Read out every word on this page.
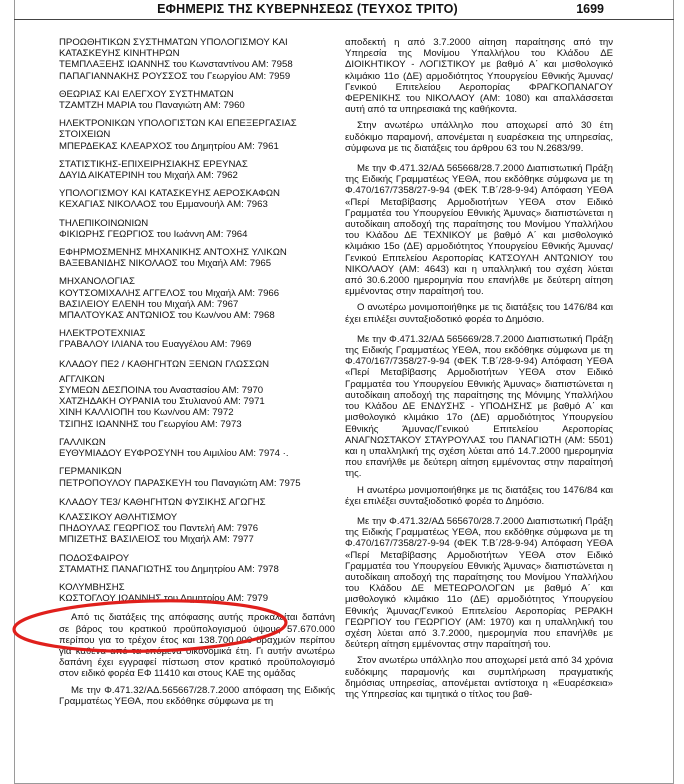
ΕΦΗΜΕΡΙΣ ΤΗΣ ΚΥΒΕΡΝΗΣΕΩΣ (ΤΕΥΧΟΣ ΤΡΙΤΟ)	1699
ΠΡΟΩΘΗΤΙΚΩΝ ΣΥΣΤΗΜΑΤΩΝ ΥΠΟΛΟΓΙΣΜΟΥ ΚΑΙ ΚΑΤΑΣΚΕΥΗΣ ΚΙΝΗΤΗΡΩΝ
ΤΕΜΠΛΑΞΕΗΣ ΙΩΑΝΝΗΣ του Κωνσταντίνου ΑΜ: 7958
ΠΑΠΑΓΙΑΝΝΑΚΗΣ ΡΟΥΣΣΟΣ του Γεωργίου ΑΜ: 7959
ΘΕΩΡΙΑΣ ΚΑΙ ΕΛΕΓΧΟΥ ΣΥΣΤΗΜΑΤΩΝ
ΤΖΑΜΤΖΗ ΜΑΡΙΑ του Παναγιώτη ΑΜ: 7960
ΗΛΕΚΤΡΟΝΙΚΩΝ ΥΠΟΛΟΓΙΣΤΩΝ ΚΑΙ ΕΠΕΞΕΡΓΑΣΙΑΣ ΣΤΟΙΧΕΙΩΝ
ΜΠΕΡΔΕΚΑΣ ΚΛΕΑΡΧΟΣ του Δημητρίου ΑΜ: 7961
ΣΤΑΤΙΣΤΙΚΗΣ-ΕΠΙΧΕΙΡΗΣΙΑΚΗΣ ΕΡΕΥΝΑΣ
ΔΑΥΙΔ ΑΙΚΑΤΕΡΙΝΗ του Μιχαήλ ΑΜ: 7962
ΥΠΟΛΟΓΙΣΜΟΥ ΚΑΙ ΚΑΤΑΣΚΕΥΗΣ ΑΕΡΟΣΚΑΦΩΝ
ΚΕΧΑΓΙΑΣ ΝΙΚΟΛΑΟΣ του Εμμανουήλ ΑΜ: 7963
ΤΗΛΕΠΙΚΟΙΝΩΝΙΩΝ
ΦΙΚΙΩΡΗΣ ΓΕΩΡΓΙΟΣ του Ιωάννη ΑΜ: 7964
ΕΦΗΡΜΟΣΜΕΝΗΣ ΜΗΧΑΝΙΚΗΣ ΑΝΤΟΧΗΣ ΥΛΙΚΩΝ
ΒΑΞΕΒΑΝΙΔΗΣ ΝΙΚΟΛΑΟΣ του Μιχαήλ ΑΜ: 7965
ΜΗΧΑΝΟΛΟΓΙΑΣ
ΚΟΥΤΣΟΜΙΧΑΛΗΣ ΑΓΓΕΛΟΣ του Μιχαήλ ΑΜ: 7966
ΒΑΣΙΛΕΙΟΥ ΕΛΕΝΗ του Μιχαήλ ΑΜ: 7967
ΜΠΑΛΤΟΥΚΑΣ ΑΝΤΩΝΙΟΣ του Κων/νου ΑΜ: 7968
ΗΛΕΚΤΡΟΤΕΧΝΙΑΣ
ΓΡΑΒΑΛΟΥ ΙΛΙΑΝΑ του Ευαγγέλου ΑΜ: 7969
ΚΛΑΔΟΥ ΠΕ2 / ΚΑΘΗΓΗΤΩΝ ΞΕΝΩΝ ΓΛΩΣΣΩΝ
ΑΓΓΛΙΚΩΝ
ΣΥΜΕΩΝ ΔΕΣΠΟΙΝΑ του Αναστασίου ΑΜ: 7970
ΧΑΤΖΗΔΑΚΗ ΟΥΡΑΝΙΑ του Στυλιανού ΑΜ: 7971
ΧΙΝΗ ΚΑΛΛΙΟΠΗ του Κων/νου ΑΜ: 7972
ΤΣΙΠΗΣ ΙΩΑΝΝΗΣ του Γεωργίου ΑΜ: 7973
ΓΑΛΛΙΚΩΝ
ΕΥΘΥΜΙΑΔΟΥ ΕΥΦΡΟΣΥΝΗ του Αιμιλίου ΑΜ: 7974 ·.
ΓΕΡΜΑΝΙΚΩΝ
ΠΕΤΡΟΠΟΥΛΟΥ ΠΑΡΑΣΚΕΥΗ του Παναγιώτη ΑΜ: 7975
ΚΛΑΔΟΥ ΤΕ3/ ΚΑΘΗΓΗΤΩΝ ΦΥΣΙΚΗΣ ΑΓΩΓΗΣ
ΚΛΑΣΣΙΚΟΥ ΑΘΛΗΤΙΣΜΟΥ
ΠΗΔΟΥΛΑΣ ΓΕΩΡΓΙΟΣ του Παντελή ΑΜ: 7976
ΜΠΙΖΕΤΗΣ ΒΑΣΙΛΕΙΟΣ του Μιχαήλ ΑΜ: 7977
ΠΟΔΟΣΦΑΙΡΟΥ
ΣΤΑΜΑΤΗΣ ΠΑΝΑΓΙΩΤΗΣ του Δημητρίου ΑΜ: 7978
ΚΟΛΥΜΒΗΣΗΣ
ΚΩΣΤΟΓΛΟΥ ΙΩΑΝΝΗΣ του Δημητρίου ΑΜ: 7979

Από τις διατάξεις της απόφασης αυτής προκαλείται δαπάνη σε βάρος του κρατικού προϋπολογισμού ύψους 57.670.000 περίπου για το τρέχον έτος και 138.700.000 δραχμών περίπου για καθένα από τα επόμενα οικονομικά έτη. Γι αυτήν ανωτέρω δαπάνη έχει εγγραφεί πίστωση στον κρατικό προϋπολογισμό στον ειδικό φορέα ΕΦ 11410 και στους ΚΑΕ της ομάδας

Με την Φ.471.32/ΑΔ.565667/28.7.2000 απόφαση της Ειδικής Γραμματέως ΥΕΘΑ, που εκδόθηκε σύμφωνα με τη

αποδεκτή η από 3.7.2000 αίτηση παραίτησης από την Υπηρεσία της Μονίμου Υπαλλήλου του Κλάδου ΔΕ ΔΙΟΙΚΗΤΙΚΟΥ - ΛΟΓΙΣΤΙΚΟΥ με βαθμό Α΄ και μισθολογικό κλιμάκιο 11ο (ΔΕ) αρμοδιότητος Υπουργείου Εθνικής Άμυνας/Γενικού Επιτελείου Αεροπορίας ΦΡΑΓΚΟΠΑΝΑΓΟΥ ΦΕΡΕΝΙΚΗΣ του ΝΙΚΟΛΑΟΥ (ΑΜ: 1080) και απαλλάσσεται αυτή από τα υπηρεσιακά της καθήκοντα.

Στην ανωτέρω υπάλληλο που αποχωρεί από 30 έτη ευδόκιμο παραμονή, απονέμεται η ευαρέσκεια της υπηρεσίας, σύμφωνα με τις διατάξεις του άρθρου 63 του Ν.2683/99.

Με την Φ.471.32/ΑΔ 565668/28.7.2000 Διαπιστωτική Πράξη της Ειδικής Γραμματέως ΥΕΘΑ, που εκδόθηκε σύμφωνα με τη Φ.470/167/7358/27-9-94 (ΦΕΚ Τ.Β΄/28-9-94) Απόφαση ΥΕΘΑ «Περί Μεταβίβασης Αρμοδιοτήτων ΥΕΘΑ στον Ειδικό Γραμματέα του Υπουργείου Εθνικής Άμυνας» διαπιστώνεται η αυτοδίκαιη αποδοχή της παραίτησης του Μονίμου Υπαλλήλου του Κλάδου ΔΕ ΤΕΧΝΙΚΟΥ με βαθμό Α΄ και μισθολογικό κλιμάκιο 15ο (ΔΕ) αρμοδιότητος Υπουργείου Εθνικής Άμυνας/Γενικού Επιτελείου Αεροπορίας ΚΑΤΣΟΥΛΗ ΑΝΤΩΝΙΟΥ του ΝΙΚΟΛΑΟΥ (ΑΜ: 4643) και η υπαλληλική του σχέση λύεται από 30.6.2000 ημερομηνία που επανήλθε με δεύτερη αίτηση εμμένοντας στην παραίτησή του.

Ο ανωτέρω μονιμοποιήθηκε με τις διατάξεις του 1476/84 και έχει επιλέξει συνταξιοδοτικό φορέα το Δημόσιο.

Με την Φ.471.32/ΑΔ 565669/28.7.2000 Διαπιστωτική Πράξη της Ειδικής Γραμματέως ΥΕΘΑ, που εκδόθηκε σύμφωνα με τη Φ.470/167/7358/27-9-94 (ΦΕΚ Τ.Β΄/28-9-94) Απόφαση ΥΕΘΑ «Περί Μεταβίβασης Αρμοδιοτήτων ΥΕΘΑ στον Ειδικό Γραμματέα του Υπουργείου Εθνικής Άμυνας» διαπιστώνεται η αυτοδίκαιη αποδοχή της παραίτησης της Μόνιμης Υπαλλήλου του Κλάδου ΔΕ ΕΝΔΥΣΗΣ - ΥΠΟΔΗΣΗΣ με βαθμό Α΄ και μισθολογικό κλιμάκιο 17ο (ΔΕ) αρμοδιότητος Υπουργείου Εθνικής Άμυνας/Γενικού Επιτελείου Αεροπορίας ΑΝΑΓΝΩΣΤΑΚΟΥ ΣΤΑΥΡΟΥΛΑΣ του ΠΑΝΑΓΙΩΤΗ (ΑΜ: 5501) και η υπαλληλική της σχέση λύεται από 14.7.2000 ημερομηνία που επανήλθε με δεύτερη αίτηση εμμένοντας στην παραίτησή της.

Η ανωτέρω μονιμοποιήθηκε με τις διατάξεις του 1476/84 και έχει επιλέξει συνταξιοδοτικό φορέα το Δημόσιο.

Με την Φ.471.32/ΑΔ 565670/28.7.2000 Διαπιστωτική Πράξη της Ειδικής Γραμματέως ΥΕΘΑ, που εκδόθηκε σύμφωνα με τη Φ.470/167/7358/27-9-94 (ΦΕΚ Τ.Β΄/28-9-94) Απόφαση ΥΕΘΑ «Περί Μεταβίβασης Αρμοδιοτήτων ΥΕΘΑ στον Ειδικό Γραμματέα του Υπουργείου Εθνικής Άμυνας» διαπιστώνεται η αυτοδίκαιη αποδοχή της παραίτησης του Μονίμου Υπαλλήλου του Κλάδου ΔΕ ΜΕΤΕΩΡΟΛΟΓΩΝ με βαθμό Α΄ και μισθολογικό κλιμάκιο 11ο (ΔΕ) αρμοδιότητος Υπουργείου Εθνικής Άμυνας/Γενικού Επιτελείου Αεροπορίας ΡΕΡΑΚΗ ΓΕΩΡΓΙΟΥ του ΓΕΩΡΓΙΟΥ (ΑΜ: 1970) και η υπαλληλική του σχέση λύεται από 3.7.2000, ημερομηνία που επανήλθε με δεύτερη αίτηση εμμένοντας στην παραίτησή του.

Στον ανωτέρω υπάλληλο που αποχωρεί μετά από 34 χρόνια ευδόκιμης παραμονής και συμπλήρωση πραγματικής δημόσιας υπηρεσίας, απονέμεται αντίστοιχα η «Ευαρέσκεια» της Υπηρεσίας και τιμητικά ο τίτλος του βαθ-
